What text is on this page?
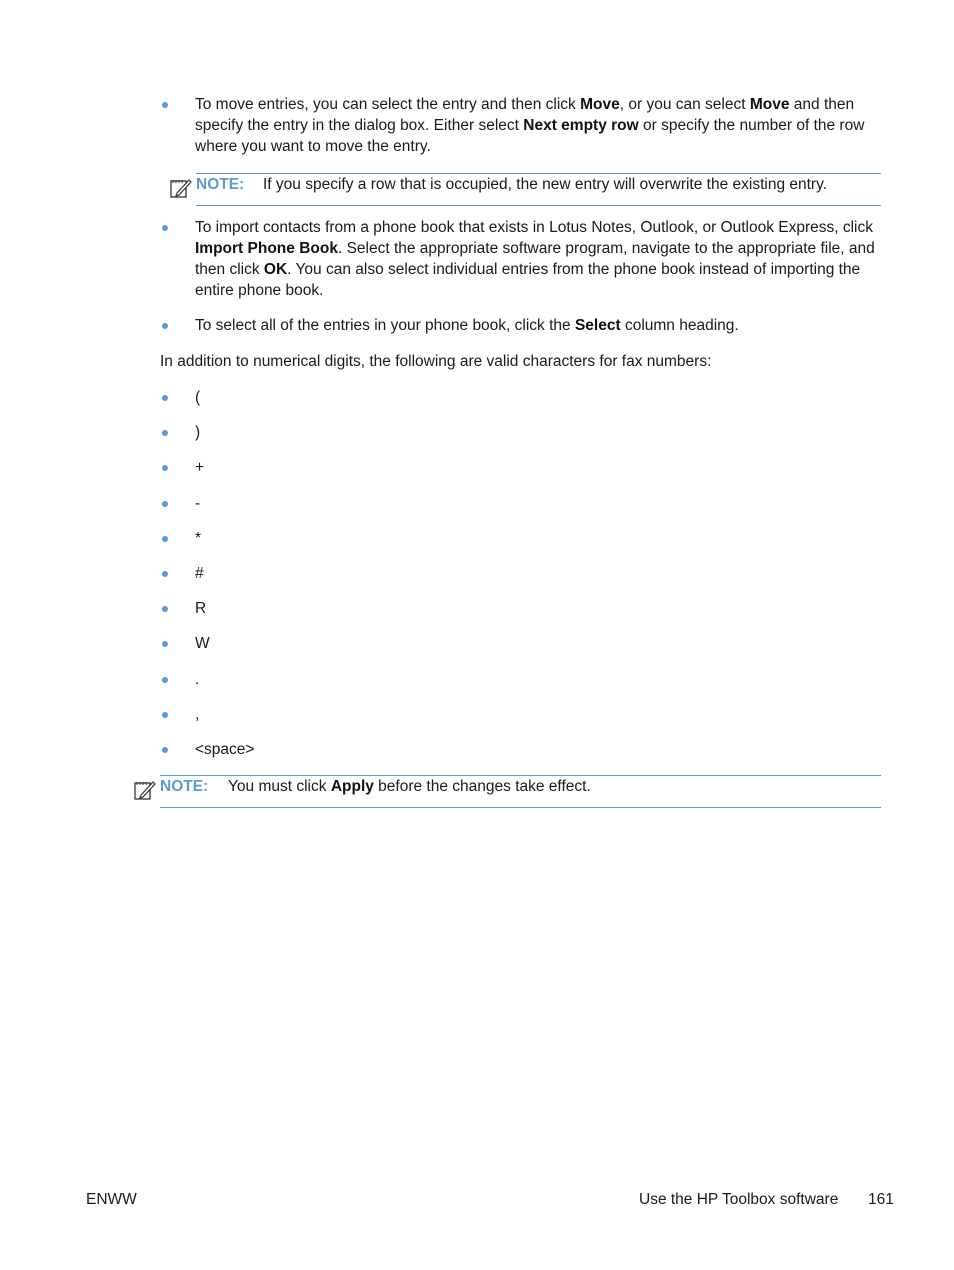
To move entries, you can select the entry and then click Move, or you can select Move and then specify the entry in the dialog box. Either select Next empty row or specify the number of the row where you want to move the entry.
NOTE: If you specify a row that is occupied, the new entry will overwrite the existing entry.
To import contacts from a phone book that exists in Lotus Notes, Outlook, or Outlook Express, click Import Phone Book. Select the appropriate software program, navigate to the appropriate file, and then click OK. You can also select individual entries from the phone book instead of importing the entire phone book.
To select all of the entries in your phone book, click the Select column heading.
In addition to numerical digits, the following are valid characters for fax numbers:
(
)
+
-
*
#
R
W
.
,
<space>
NOTE: You must click Apply before the changes take effect.
ENWW	Use the HP Toolbox software 161
